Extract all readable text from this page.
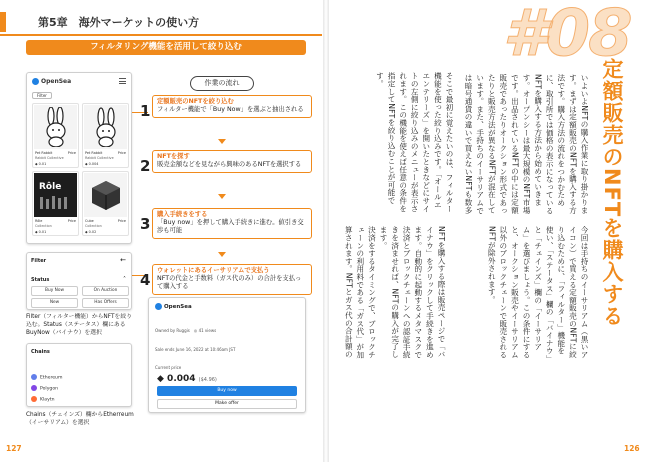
第5章　海外マーケットの使い方
フィルタリング機能を活用して絞り込む
OpenSea
Filter
Pet Rabbit	Price
Rabbit Collective
◆ 0.01
Pet Rabbit	Price
Rabbit Collective
◆ 0.004
Rôle
Rôle	Price
Collection
◆ 0.01
Cube	Price
Collection
◆ 0.02
作業の流れ
1
定額販売のNFTを絞り込む
フィルター機能で「Buy Now」を選ぶと抽出される
2
NFTを探す
販売金額などを見ながら興味のあるNFTを選択する
3
購入手続きをする
「Buy now」を押して購入手続きに進む。値引き交渉も可能
4
ウォレットにあるイーサリアムで支払う
NFTの代金と手数料（ガス代のみ）の合計を支払って購入する
Filter	←
Status	˄
Buy Now	On Auction
New	Has Offers
Filter（フィルター機能）からNFTを絞り込む。Status（ステータス）欄にあるBuyNow（バイナウ）を選択
Chains
Ethereum
Polygon
Klaytn
Chains（チェインズ）欄からEtherreum（イーサリアム）を選択
OpenSea
Owned by Ruggis　◎ 41 views
Sale ends June 16, 2022 at 10:46am JST
Current price
◆ 0.004 ($4.96)
Buy now
Make offer
127
#08
定額販売のNFTを購入する
いよいよNFTの購入作業に取り掛かります。まずは定額販売のNFTを購入する方法です。購入方法の流れをつかむために、取引所では価格の表示になっているNFTを購入する方法から始めていきます。オープンシーは最大規模のNFT市場です。出品されているNFTの中には定額販売であったりオークション形式であったりと販売方法が異なるNFTが混在しています。また、手持ちのイーサリアムでは暗号通貨の違いで買えないNFTも数多
そこで最初に覚えたいのは、フィルター機能を使った絞り込みです。「オールエエンテリーズ」を開いたときなどにサイトの左側に絞り込みのメニューが表示されます。この機能を使えば任意の条件を指定してNFTを絞り込むことが可能です。
今回は手持ちのイーサリアム（黒いアイコン）で買える定額販売のNFTに絞り込むために、「フィルター」機能を使い、「ステータス」欄の「バイナウ」と「チェインズ」欄の「イーサリアム」を選びましょう。この条件にすると、オークション販売やイーサリアム以外のブロックチェーンで販売されるNFTが除外されます。
NFTを購入する際は販売ページで「バイナウ」をクリックして手続きを進めます。自動的に起動するメタマスクで決済とブロックチェーンへの認証手続きを済ませれば、NFTの購入が完了します。
決済をするタイミングで、ブロックチェーンの利用料である「ガス代」が加算されます。NFTとガス代の合計額の
126
